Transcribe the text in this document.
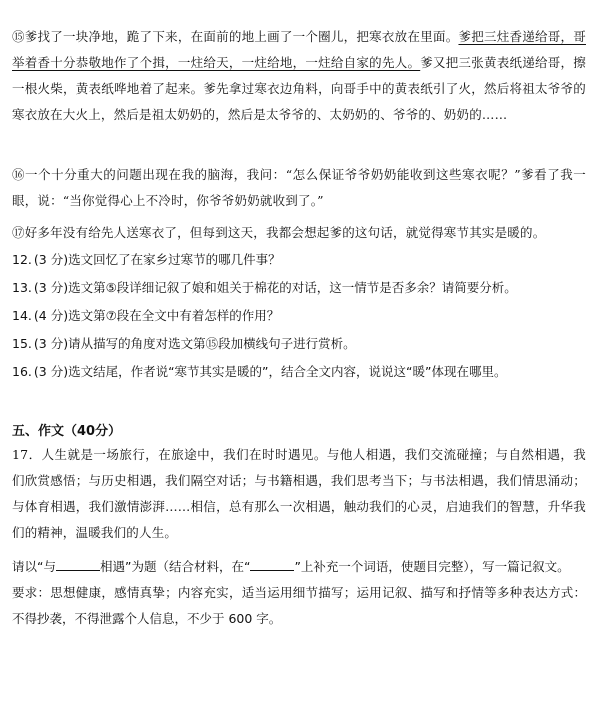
⑮爹找了一块净地，跪了下来，在面前的地上画了一个圈儿，把寒衣放在里面。爹把三炷香递给哥，哥举着香十分恭敬地作了个揖，一炷给天，一炷给地，一炷给自家的先人。爹又把三张黄表纸递给哥，擦一根火柴，黄表纸哗地着了起来。爹先拿过寒衣边角料，向哥手中的黄表纸引了火，然后将祖太爷爷的寒衣放在大火上，然后是祖太奶奶的，然后是太爷爷的、太奶奶的、爷爷的、奶奶的……
⑯一个十分重大的问题出现在我的脑海，我问：“怎么保证爷爷奶奶能收到这些寒衣呢？”爹看了我一眼，说：“当你觉得心上不冷时，你爷爷奶奶就收到了。”
⑰好多年没有给先人送寒衣了，但每到这天，我都会想起爹的这句话，就觉得寒节其实是暖的。
12. (3 分)选文回忆了在家乡过寒节的哪几件事？
13. (3 分)选文第⑤段详细记叙了娘和姐关于棉花的对话，这一情节是否多余？请简要分析。
14. (4 分)选文第⑦段在全文中有着怎样的作用？
15. (3 分)请从描写的角度对选文第⑮段加横线句子进行赏析。
16. (3 分)选文结尾，作者说“寒节其实是暖的”，结合全文内容，说说这“暖”体现在哪里。
五、作文（40分）
17．人生就是一场旅行，在旅途中，我们在时时遇见。与他人相遇，我们交流碰撞；与自然相遇，我们欣赏感悟；与历史相遇，我们隔空对话；与书籍相遇，我们思考当下；与书法相遇，我们情思涌动；与体育相遇，我们激情澎湃……相信，总有那么一次相遇，触动我们的心灵，启迪我们的智慧，升华我们的精神，温暖我们的人生。
请以“与	相遇”为题（结合材料，在“	”上补充一个词语，使题目完整），写一篇记叙文。
要求：思想健康，感情真挚；内容充实，适当运用细节描写；运用记叙、描写和抒情等多种表达方式：不得抄袭，不得泄露个人信息，不少于 600 字。
